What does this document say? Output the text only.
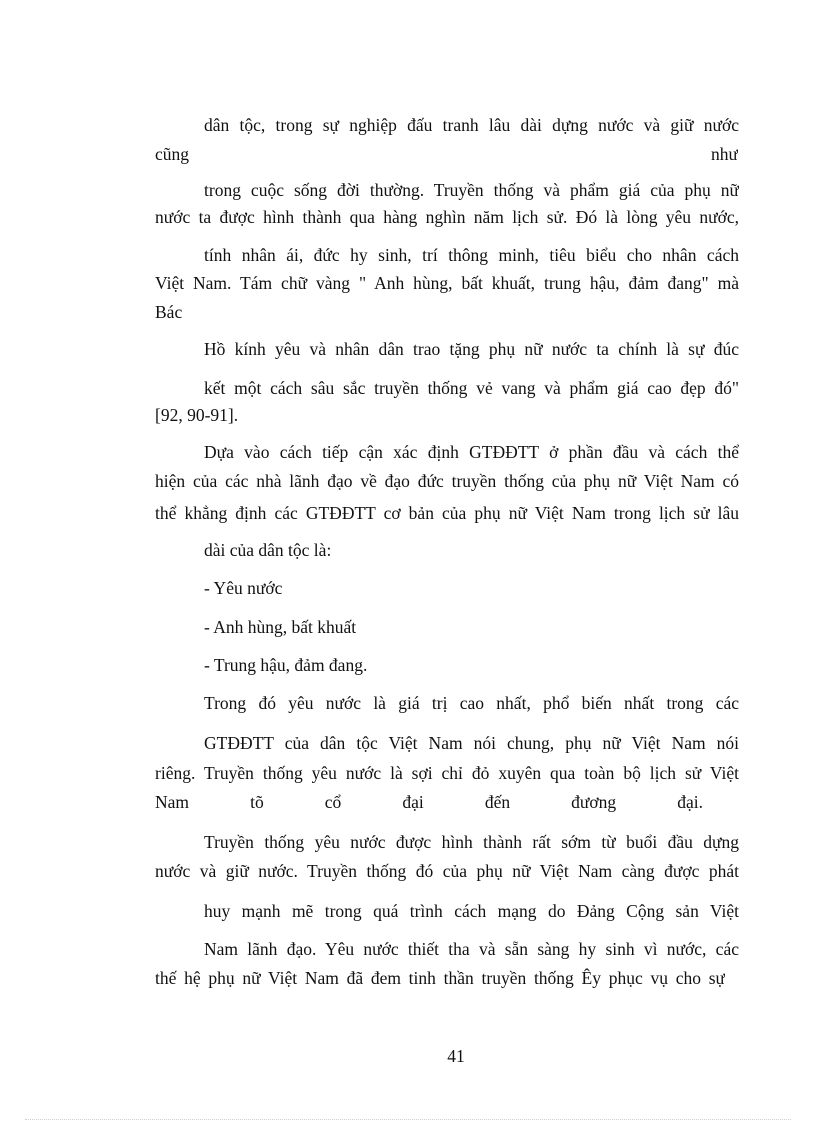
dân tộc, trong sự nghiệp đấu tranh lâu dài dựng nước và giữ nước
cũng như
trong cuộc sống đời thường. Truyền thống và phẩm giá của phụ nữ
nước ta được hình thành qua hàng nghìn năm lịch sử. Đó là lòng yêu nước,
tính nhân ái, đức hy sinh, trí thông minh, tiêu biểu cho nhân cách
Việt Nam. Tám chữ vàng " Anh hùng, bất khuất, trung hậu, đảm đang" mà
Bác
Hồ kính yêu và nhân dân trao tặng phụ nữ nước ta chính là sự đúc
kết một cách sâu sắc truyền thống vẻ vang và phẩm giá cao đẹp đó"
[92, 90-91].
Dựa vào cách tiếp cận xác định GTĐĐTT ở phần đầu và cách thể
hiện của các nhà lãnh đạo về đạo đức truyền thống của phụ nữ Việt Nam có
thể khẳng định các GTĐĐTT cơ bản của phụ nữ Việt Nam trong lịch sử lâu
dài của dân tộc là:
- Yêu nước
- Anh hùng, bất khuất
- Trung hậu, đảm đang.
Trong đó yêu nước là giá trị cao nhất, phổ biến nhất trong các
GTĐĐTT của dân tộc Việt Nam nói chung, phụ nữ Việt Nam nói
riêng. Truyền thống yêu nước là sợi chỉ đỏ xuyên qua toàn bộ lịch sử Việt
Nam tõ cổ đại đến đương đại.
Truyền thống yêu nước được hình thành rất sớm từ buổi đầu dựng
nước và giữ nước. Truyền thống đó của phụ nữ Việt Nam càng được phát
huy mạnh mẽ trong quá trình cách mạng do Đảng Cộng sản Việt
Nam lãnh đạo. Yêu nước thiết tha và sẵn sàng hy sinh vì nước, các
thế hệ phụ nữ Việt Nam đã đem tinh thần truyền thống Êy phục vụ cho sự
41
